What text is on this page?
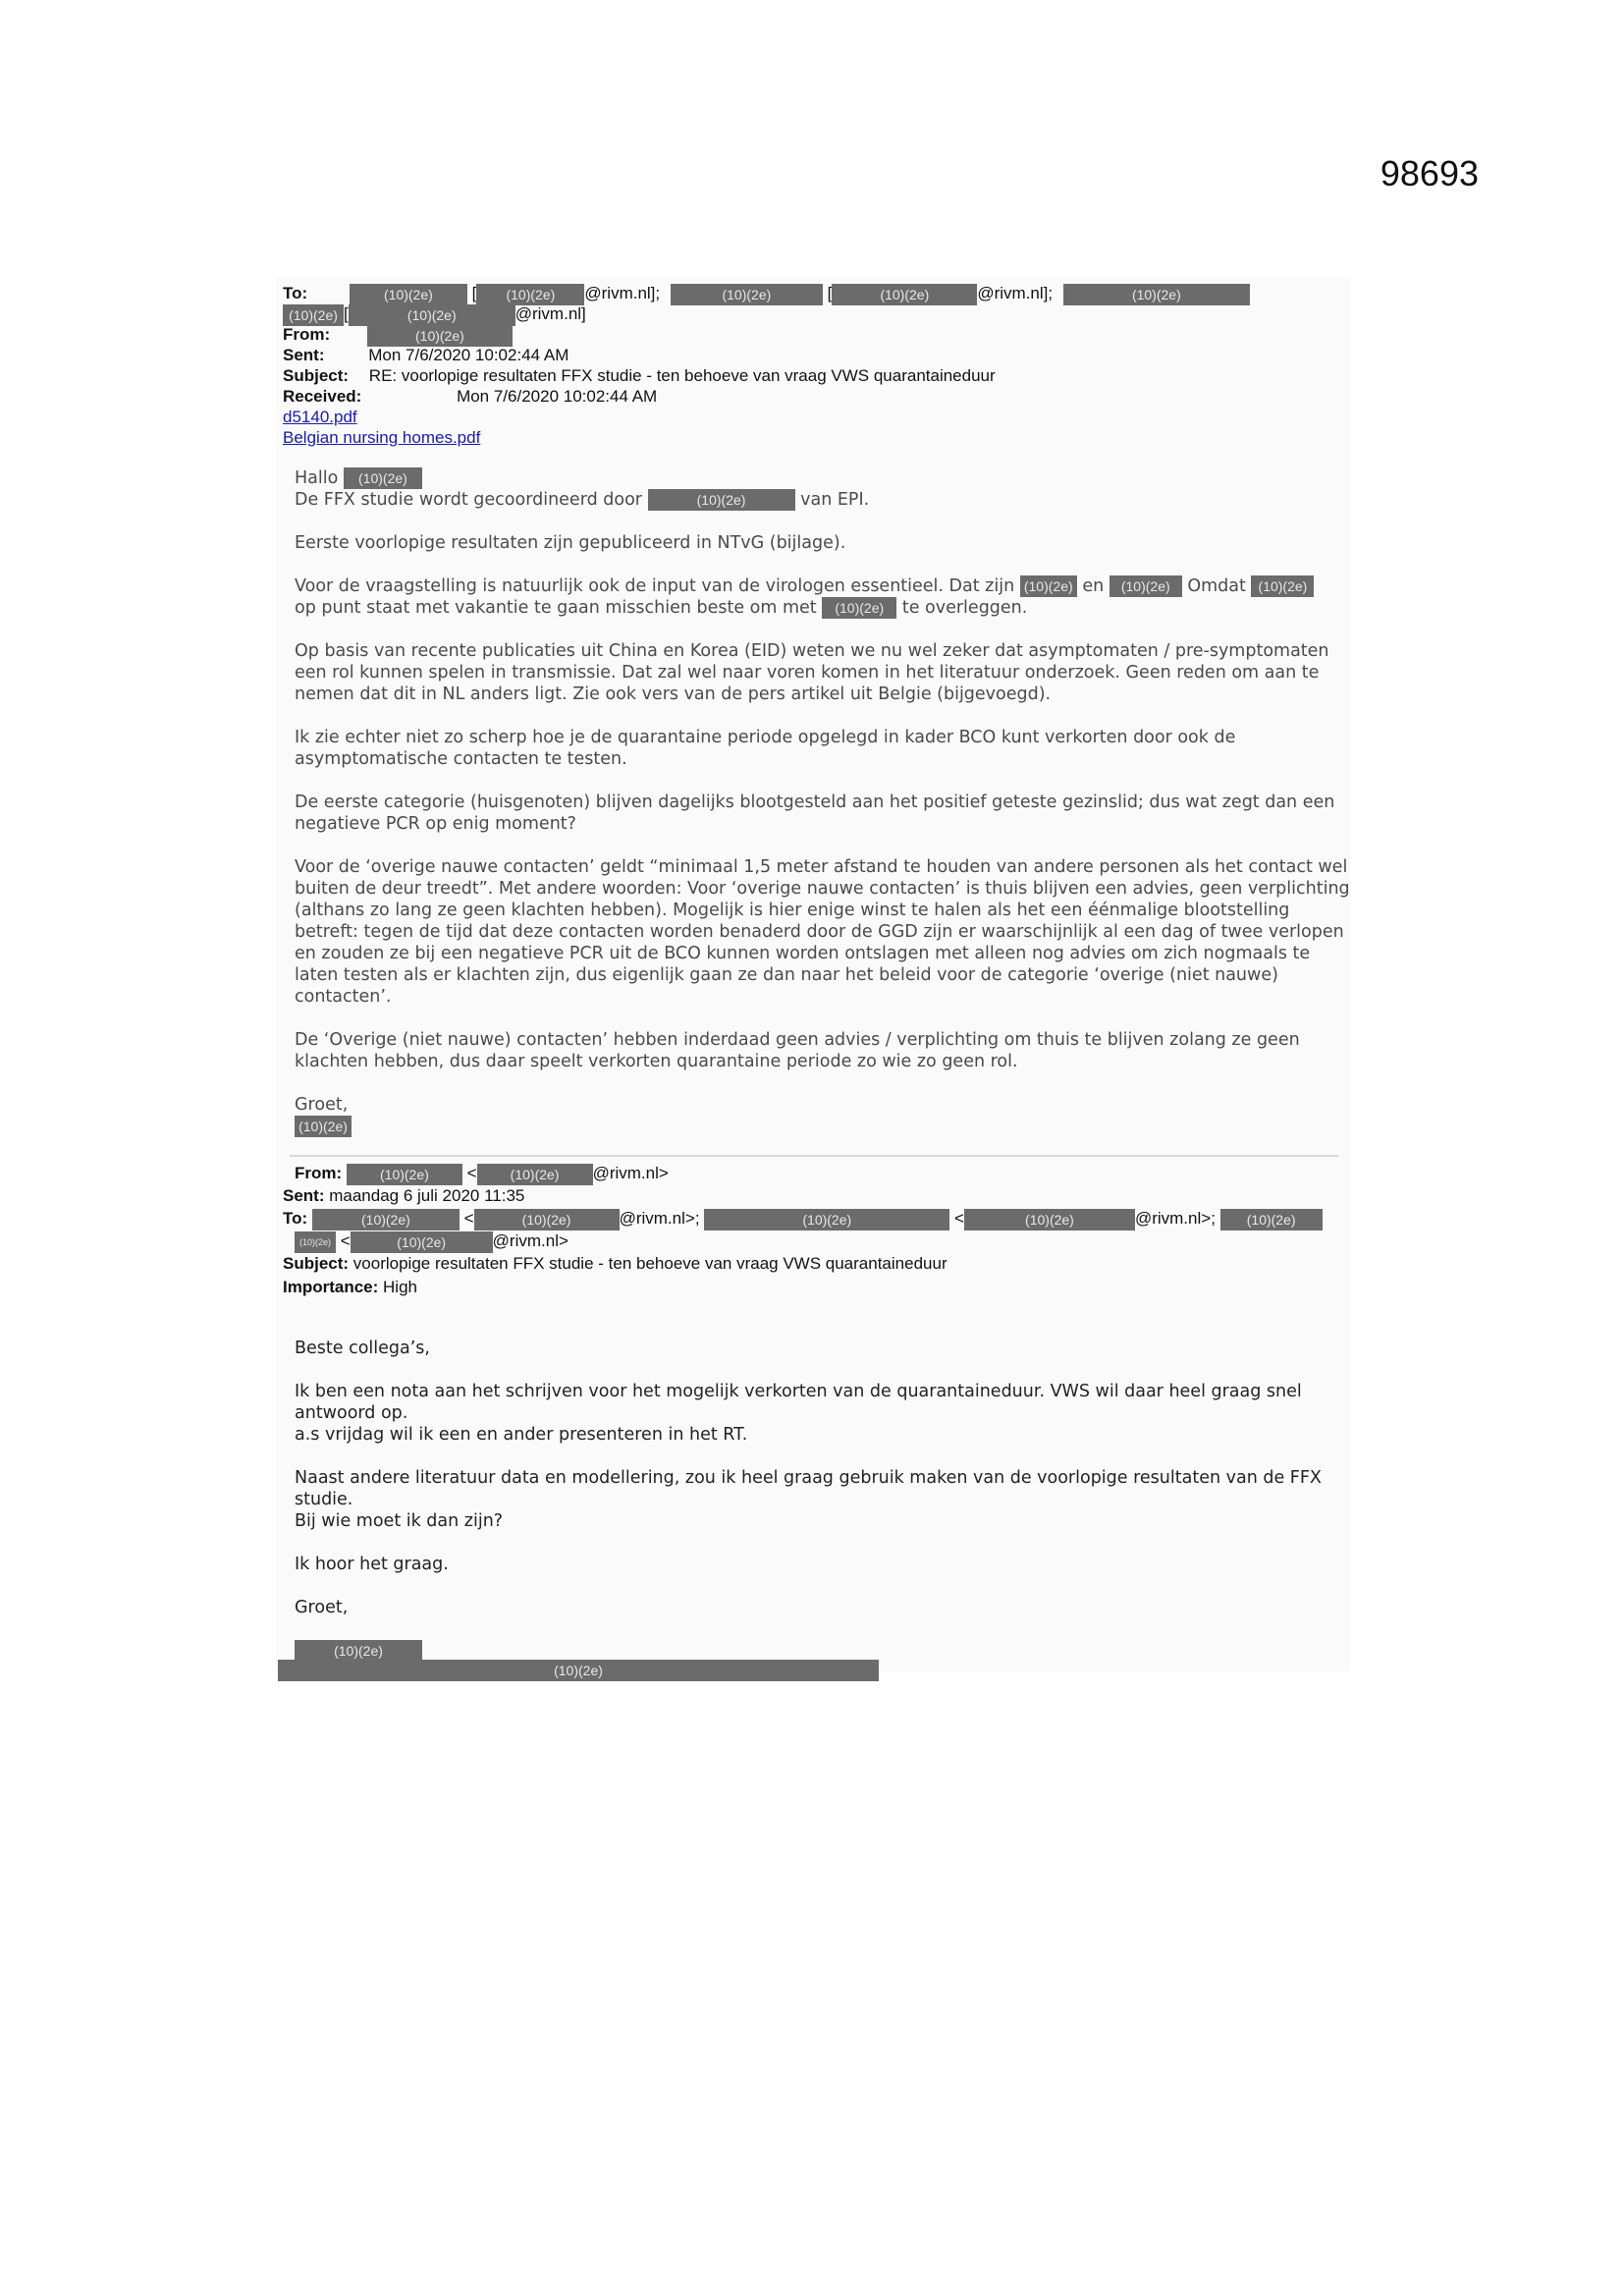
98693
To:	(10)(2e) [ (10)(2e) @rivm.nl];	(10)(2e)	[	(10)(2e)	@rivm.nl];	(10)(2e)
(10)(2e) [	(10)(2e)	@rivm.nl]
From:	(10)(2e)
Sent:	Mon 7/6/2020 10:02:44 AM
Subject: RE: voorlopige resultaten FFX studie - ten behoeve van vraag VWS quarantaineduur
Received:	Mon 7/6/2020 10:02:44 AM
d5140.pdf
Belgian nursing homes.pdf
Hallo (10)(2e)

De FFX studie wordt gecoordineerd door	(10)(2e)	van EPI.

Eerste voorlopige resultaten zijn gepubliceerd in NTvG (bijlage).

Voor de vraagstelling is natuurlijk ook de input van de virologen essentieel. Dat zijn (10)(2e) en (10)(2e) Omdat (10)(2e)
op punt staat met vakantie te gaan misschien beste om met (10)(2e) te overleggen.

Op basis van recente publicaties uit China en Korea (EID) weten we nu wel zeker dat asymptomaten / pre-symptomaten een rol kunnen spelen in transmissie. Dat zal wel naar voren komen in het literatuur onderzoek. Geen reden om aan te nemen dat dit in NL anders ligt. Zie ook vers van de pers artikel uit Belgie (bijgevoegd).

Ik zie echter niet zo scherp hoe je de quarantaine periode opgelegd in kader BCO kunt verkorten door ook de asymptomatische contacten te testen.

De eerste categorie (huisgenoten) blijven dagelijks blootgesteld aan het positief geteste gezinslid; dus wat zegt dan een negatieve PCR op enig moment?

Voor de ‘overige nauwe contacten’ geldt “minimaal 1,5 meter afstand te houden van andere personen als het contact wel buiten de deur treedt”. Met andere woorden: Voor ‘overige nauwe contacten’ is thuis blijven een advies, geen verplichting (althans zo lang ze geen klachten hebben). Mogelijk is hier enige winst te halen als het een éénmalige blootstelling betreft: tegen de tijd dat deze contacten worden benaderd door de GGD zijn er waarschijnlijk al een dag of twee verlopen en zouden ze bij een negatieve PCR uit de BCO kunnen worden ontslagen met alleen nog advies om zich nogmaals te laten testen als er klachten zijn, dus eigenlijk gaan ze dan naar het beleid voor de categorie ‘overige (niet nauwe) contacten’.

De ‘Overige (niet nauwe) contacten’ hebben inderdaad geen advies / verplichting om thuis te blijven zolang ze geen klachten hebben, dus daar speelt verkorten quarantaine periode zo wie zo geen rol.

Groet,
(10)(2e)
From:	(10)(2e) < (10)(2e) @rivm.nl>
Sent: maandag 6 juli 2020 11:35
To:	(10)(2e)	<	(10)(2e)	@rivm.nl>;	(10)(2e)	<	(10)(2e)	@rivm.nl>; (10)(2e)
(10)(2e) <	(10)(2e)	@rivm.nl>
Subject: voorlopige resultaten FFX studie - ten behoeve van vraag VWS quarantaineduur
Importance: High

Beste collega’s,

Ik ben een nota aan het schrijven voor het mogelijk verkorten van de quarantaineduur. VWS wil daar heel graag snel antwoord op.
a.s vrijdag wil ik een en ander presenteren in het RT.

Naast andere literatuur data en modellering, zou ik heel graag gebruik maken van de voorlopige resultaten van de FFX studie.
Bij wie moet ik dan zijn?

Ik hoor het graag.

Groet,

(10)(2e)
(10)(2e)
